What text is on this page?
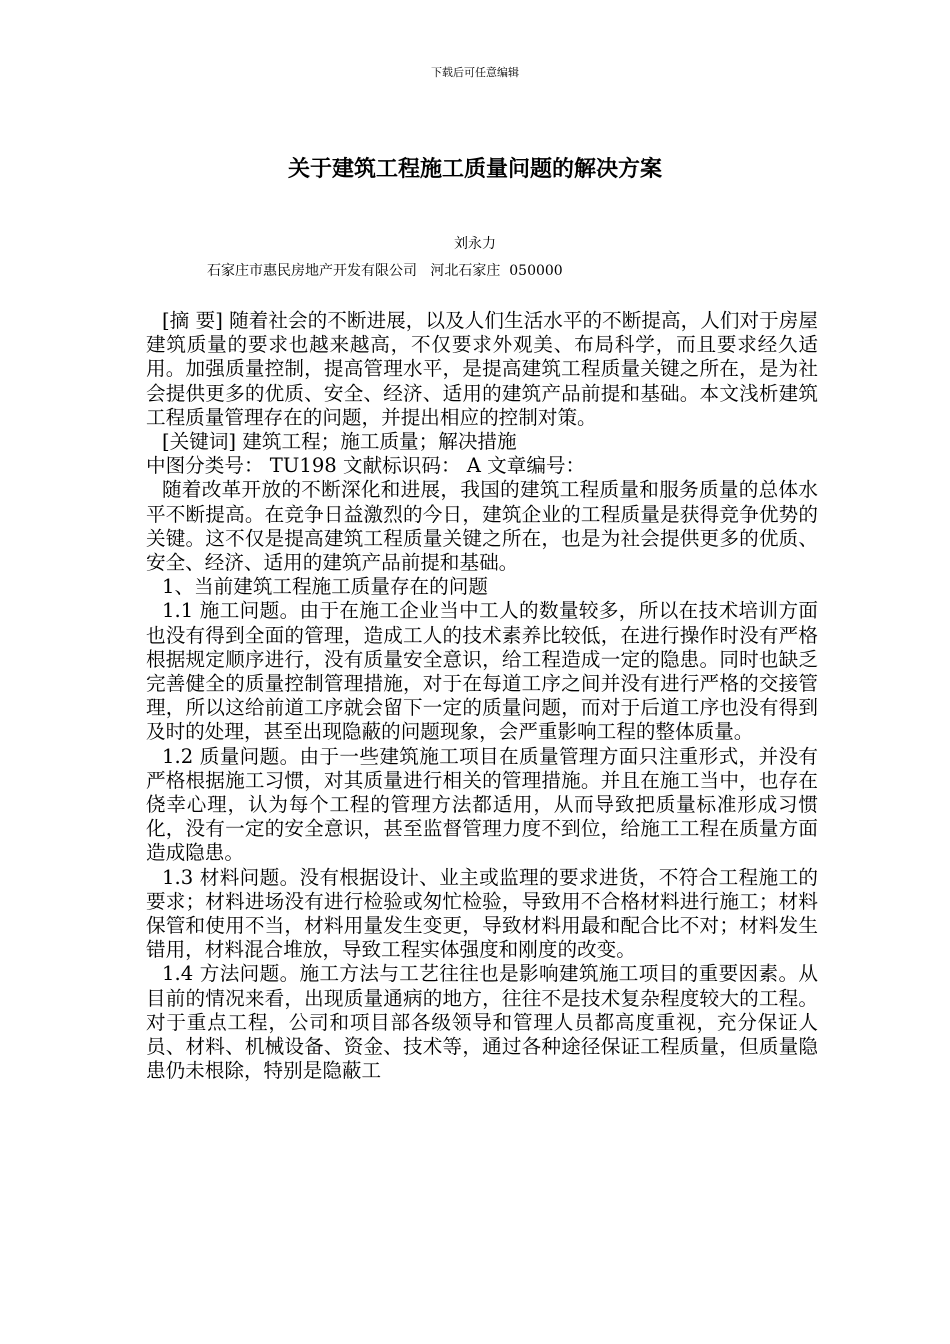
下载后可任意编辑
关于建筑工程施工质量问题的解决方案
刘永力
石家庄市惠民房地产开发有限公司   河北石家庄  050000

[摘 要] 随着社会的不断进展，以及人们生活水平的不断提高，人们对于房屋建筑质量的要求也越来越高，不仅要求外观美、布局科学，而且要求经久适用。加强质量控制，提高管理水平，是提高建筑工程质量关键之所在，是为社会提供更多的优质、安全、经济、适用的建筑产品前提和基础。本文浅析建筑工程质量管理存在的问题，并提出相应的控制对策。

[关键词] 建筑工程；施工质量；解决措施

中图分类号： TU198 文献标识码： A 文章编号：

随着改革开放的不断深化和进展，我国的建筑工程质量和服务质量的总体水平不断提高。在竞争日益激烈的今日，建筑企业的工程质量是获得竞争优势的关键。这不仅是提高建筑工程质量关键之所在，也是为社会提供更多的优质、安全、经济、适用的建筑产品前提和基础。

1、当前建筑工程施工质量存在的问题

1.1 施工问题。由于在施工企业当中工人的数量较多，所以在技术培训方面也没有得到全面的管理，造成工人的技术素养比较低，在进行操作时没有严格根据规定顺序进行，没有质量安全意识，给工程造成一定的隐患。同时也缺乏完善健全的质量控制管理措施，对于在每道工序之间并没有进行严格的交接管理，所以这给前道工序就会留下一定的质量问题，而对于后道工序也没有得到及时的处理，甚至出现隐蔽的问题现象，会严重影响工程的整体质量。

1.2 质量问题。由于一些建筑施工项目在质量管理方面只注重形式，并没有严格根据施工习惯，对其质量进行相关的管理措施。并且在施工当中，也存在侥幸心理，认为每个工程的管理方法都适用，从而导致把质量标准形成习惯化，没有一定的安全意识，甚至监督管理力度不到位，给施工工程在质量方面造成隐患。

1.3 材料问题。没有根据设计、业主或监理的要求进货，不符合工程施工的要求；材料进场没有进行检验或匆忙检验，导致用不合格材料进行施工；材料保管和使用不当，材料用量发生变更，导致材料用最和配合比不对；材料发生错用，材料混合堆放，导致工程实体强度和刚度的改变。

1.4 方法问题。施工方法与工艺往往也是影响建筑施工项目的重要因素。从目前的情况来看，出现质量通病的地方，往往不是技术复杂程度较大的工程。对于重点工程，公司和项目部各级领导和管理人员都高度重视，充分保证人员、材料、机械设备、资金、技术等，通过各种途径保证工程质量，但质量隐患仍未根除，特别是隐蔽工
